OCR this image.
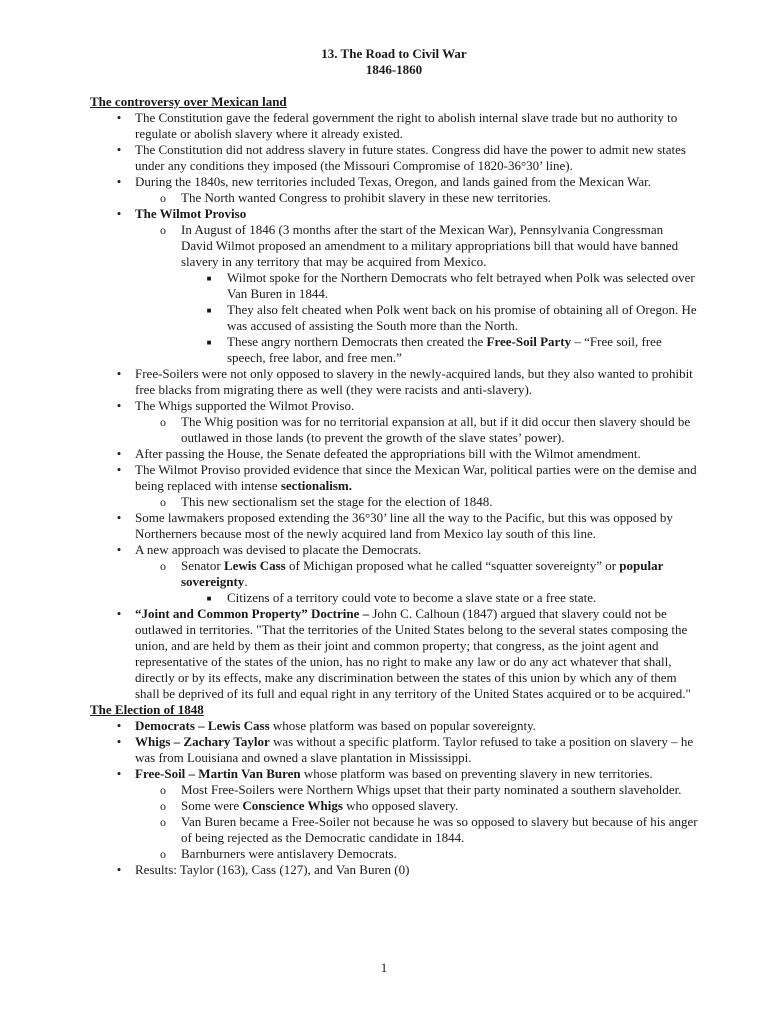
13. The Road to Civil War
1846-1860
The controversy over Mexican land
•	The Constitution gave the federal government the right to abolish internal slave trade but no authority to regulate or abolish slavery where it already existed.
•	The Constitution did not address slavery in future states. Congress did have the power to admit new states under any conditions they imposed (the Missouri Compromise of 1820-36°30’ line).
•	During the 1840s, new territories included Texas, Oregon, and lands gained from the Mexican War.
o	The North wanted Congress to prohibit slavery in these new territories.
•	The Wilmot Proviso
o	In August of 1846 (3 months after the start of the Mexican War), Pennsylvania Congressman David Wilmot proposed an amendment to a military appropriations bill that would have banned slavery in any territory that may be acquired from Mexico.
■	Wilmot spoke for the Northern Democrats who felt betrayed when Polk was selected over Van Buren in 1844.
■	They also felt cheated when Polk went back on his promise of obtaining all of Oregon. He was accused of assisting the South more than the North.
■	These angry northern Democrats then created the Free-Soil Party – “Free soil, free speech, free labor, and free men.”
•	Free-Soilers were not only opposed to slavery in the newly-acquired lands, but they also wanted to prohibit free blacks from migrating there as well (they were racists and anti-slavery).
•	The Whigs supported the Wilmot Proviso.
o	The Whig position was for no territorial expansion at all, but if it did occur then slavery should be outlawed in those lands (to prevent the growth of the slave states’ power).
•	After passing the House, the Senate defeated the appropriations bill with the Wilmot amendment.
•	The Wilmot Proviso provided evidence that since the Mexican War, political parties were on the demise and being replaced with intense sectionalism.
o	This new sectionalism set the stage for the election of 1848.
•	Some lawmakers proposed extending the 36°30’ line all the way to the Pacific, but this was opposed by Northerners because most of the newly acquired land from Mexico lay south of this line.
•	A new approach was devised to placate the Democrats.
o	Senator Lewis Cass of Michigan proposed what he called “squatter sovereignty” or popular sovereignty.
■	Citizens of a territory could vote to become a slave state or a free state.
•	“Joint and Common Property” Doctrine – John C. Calhoun (1847) argued that slavery could not be outlawed in territories. "That the territories of the United States belong to the several states composing the union, and are held by them as their joint and common property; that congress, as the joint agent and representative of the states of the union, has no right to make any law or do any act whatever that shall, directly or by its effects, make any discrimination between the states of this union by which any of them shall be deprived of its full and equal right in any territory of the United States acquired or to be acquired."
The Election of 1848
•	Democrats – Lewis Cass whose platform was based on popular sovereignty.
•	Whigs – Zachary Taylor was without a specific platform. Taylor refused to take a position on slavery – he was from Louisiana and owned a slave plantation in Mississippi.
•	Free-Soil – Martin Van Buren whose platform was based on preventing slavery in new territories.
o	Most Free-Soilers were Northern Whigs upset that their party nominated a southern slaveholder.
o	Some were Conscience Whigs who opposed slavery.
o	Van Buren became a Free-Soiler not because he was so opposed to slavery but because of his anger of being rejected as the Democratic candidate in 1844.
o	Barnburners were antislavery Democrats.
•	Results: Taylor (163), Cass (127), and Van Buren (0)
1
